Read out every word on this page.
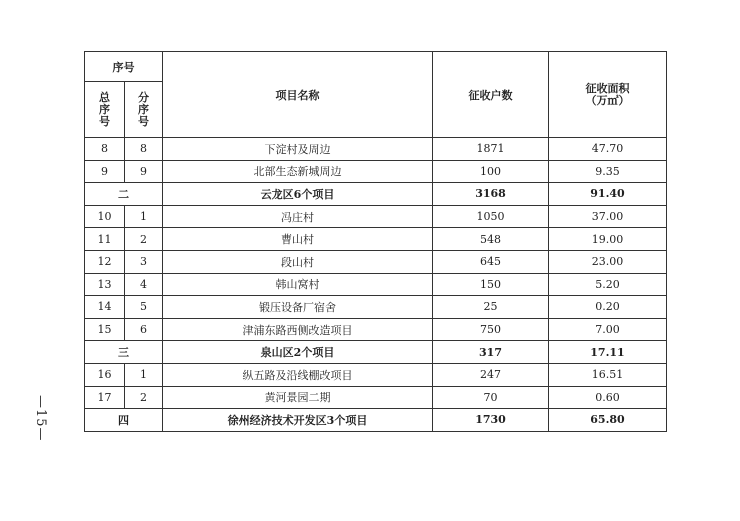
—15—
序号		项目名称	征收户数	征收面积
（万㎡）

总序号	分序号			

8	8	下淀村及周边	1871	47.70
9	9	北部生态新城周边	100	9.35
二		云龙区6个项目	3168	91.40
10	1	冯庄村	1050	37.00
11	2	曹山村	548	19.00
12	3	段山村	645	23.00
13	4	韩山窝村	150	5.20
14	5	锻压设备厂宿舍	25	0.20
15	6	津浦东路西侧改造项目	750	7.00
三		泉山区2个项目	317	17.11
16	1	纵五路及沿线棚改项目	247	16.51
17	2	黄河景园二期	70	0.60
四		徐州经济技术开发区3个项目	1730	65.80
